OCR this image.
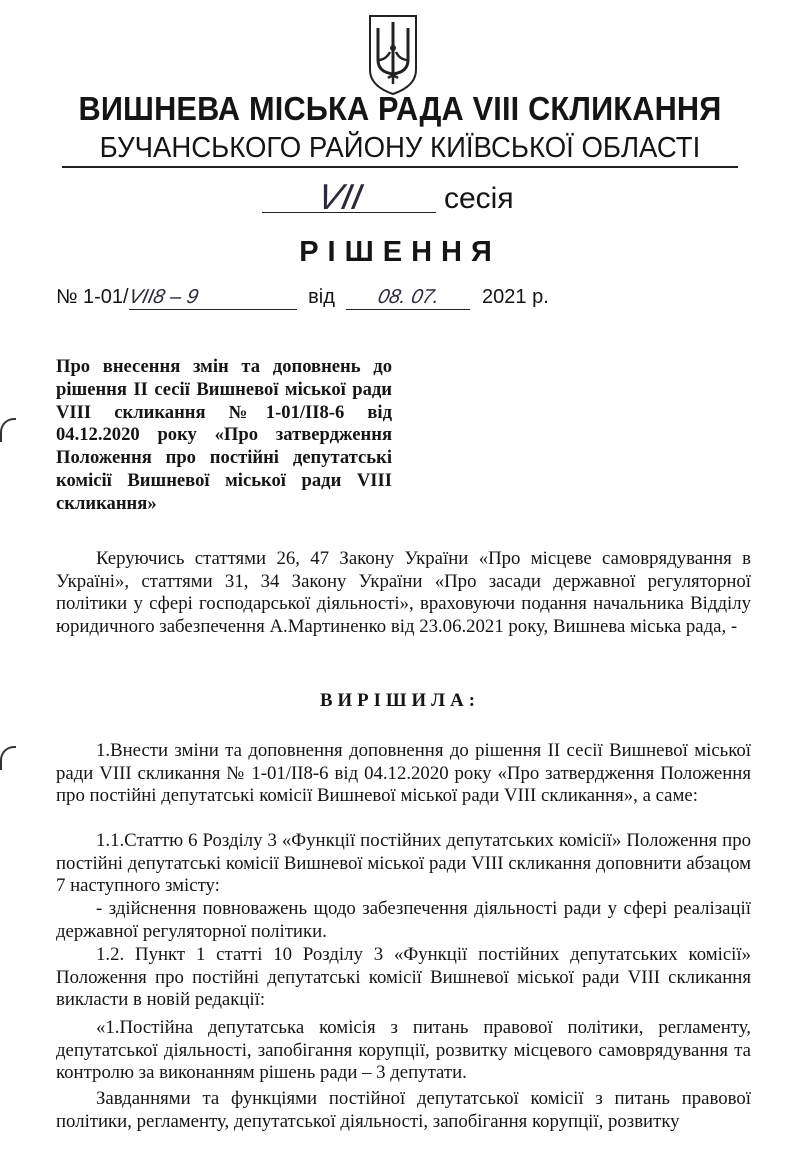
ВИШНЕВА МІСЬКА РАДА VIII СКЛИКАННЯ
БУЧАНСЬКОГО РАЙОНУ КИЇВСЬКОЇ ОБЛАСТІ
VII	сесія
РІШЕННЯ
№ 1-01/VII8 – 9	від 08. 07. 2021 р.
Про внесення змін та доповнень до рішення ІІ сесії Вишневої міської ради VIII скликання №1-01/ІІ8-6 від 04.12.2020 року «Про затвердження Положення про постійні депутатські комісії Вишневої міської ради VIII скликання»
Керуючись статтями 26, 47 Закону України «Про місцеве самоврядування в Україні», статтями 31, 34 Закону України «Про засади державної регуляторної політики у сфері господарської діяльності», враховуючи подання начальника Відділу юридичного забезпечення А.Мартиненко від 23.06.2021 року, Вишнева міська рада, -
ВИРІШИЛА:
1.Внести зміни та доповнення доповнення до рішення ІІ сесії Вишневої міської ради VIII скликання № 1-01/ІІ8-6 від 04.12.2020 року «Про затвердження Положення про постійні депутатські комісії Вишневої міської ради VIII скликання», а саме:
1.1.Статтю 6 Розділу 3 «Функції постійних депутатських комісії» Положення про постійні депутатські комісії Вишневої міської ради VIII скликання доповнити абзацом 7 наступного змісту:
- здійснення повноважень щодо забезпечення діяльності ради у сфері реалізації державної регуляторної політики.
1.2. Пункт 1 статті 10 Розділу 3 «Функції постійних депутатських комісії» Положення про постійні депутатські комісії Вишневої міської ради VIII скликання викласти в новій редакції:
«1.Постійна депутатська комісія з питань правової політики, регламенту, депутатської діяльності, запобігання корупції, розвитку місцевого самоврядування та контролю за виконанням рішень ради – 3 депутати.
Завданнями та функціями постійної депутатської комісії з питань правової політики, регламенту, депутатської діяльності, запобігання корупції, розвитку
